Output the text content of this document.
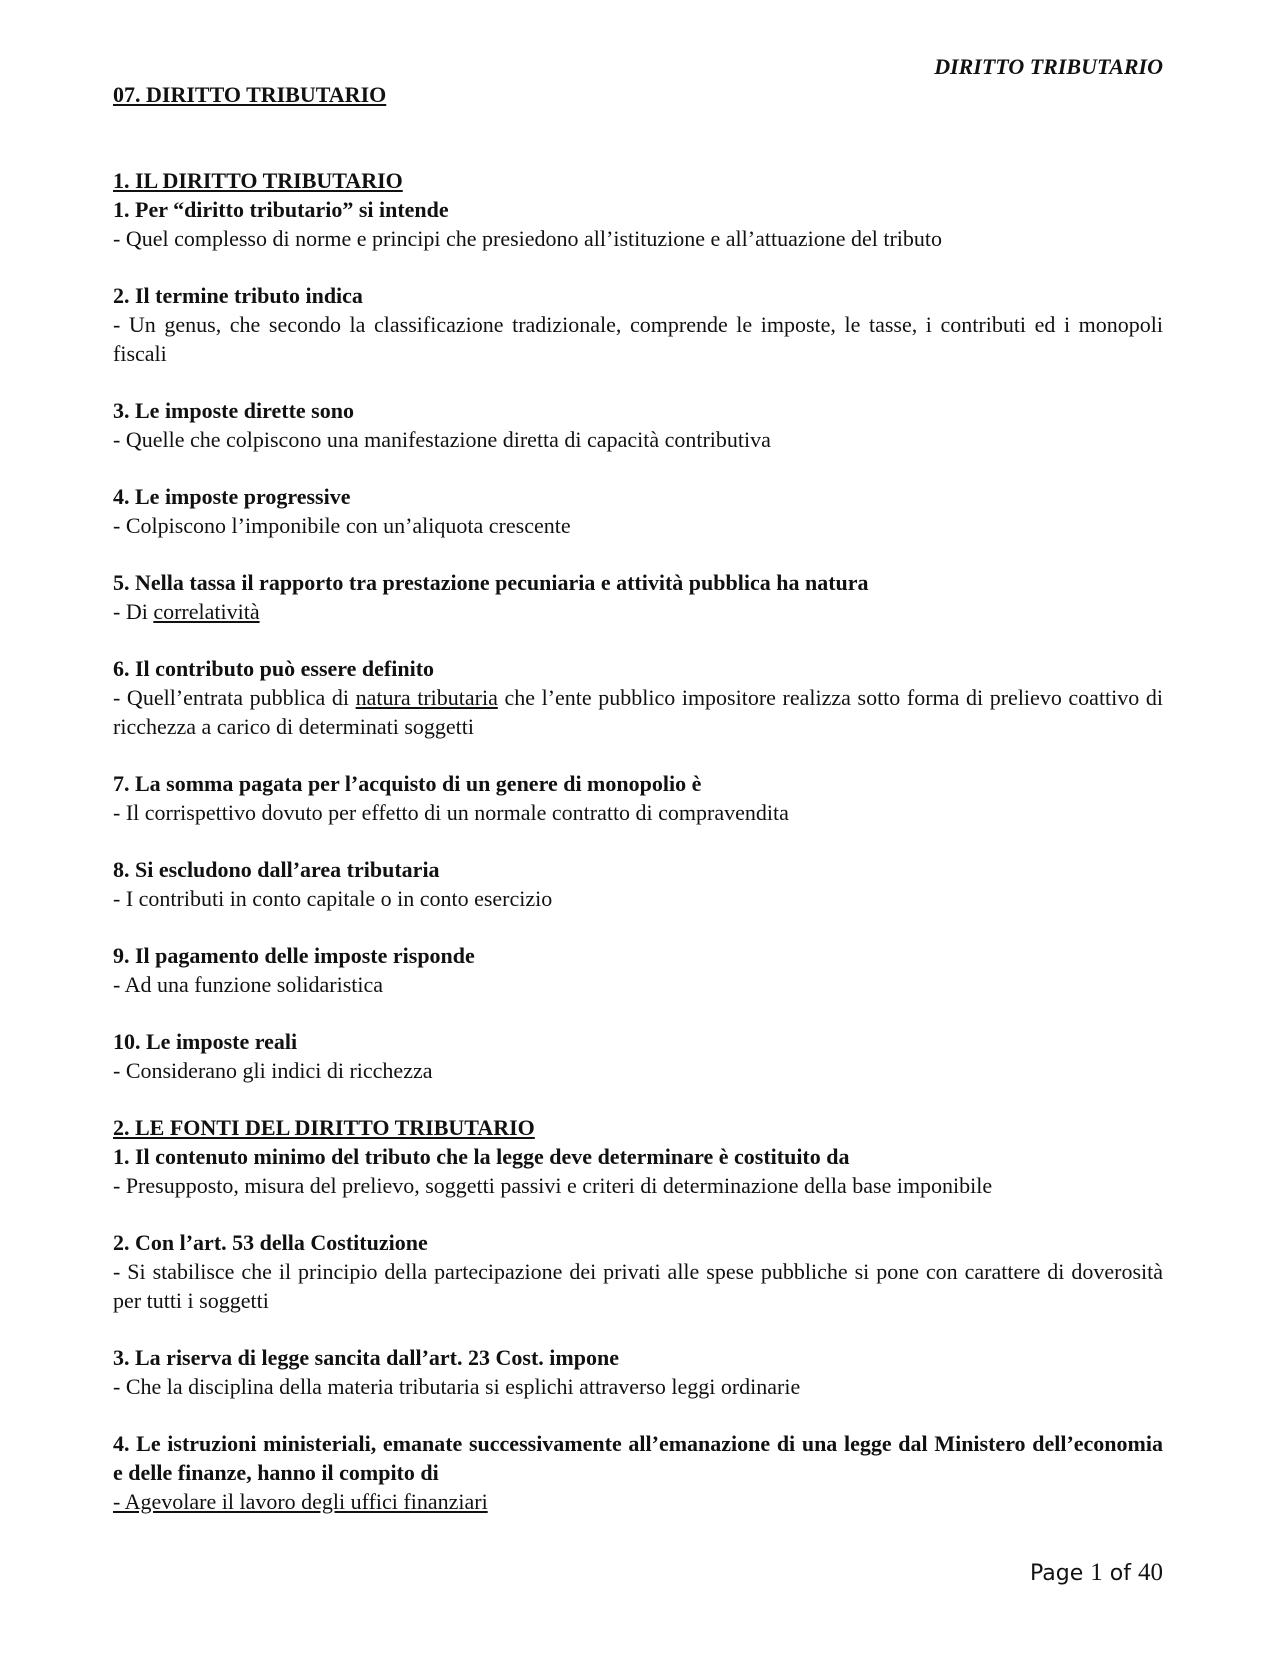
DIRITTO TRIBUTARIO
07. DIRITTO TRIBUTARIO
1. IL DIRITTO TRIBUTARIO

1. Per “diritto tributario” si intende

- Quel complesso di norme e principi che presiedono all’istituzione e all’attuazione del tributo

2. Il termine tributo indica

- Un genus, che secondo la classificazione tradizionale, comprende le imposte, le tasse, i contributi ed i monopoli fiscali

3. Le imposte dirette sono

- Quelle che colpiscono una manifestazione diretta di capacità contributiva

4. Le imposte progressive

- Colpiscono l’imponibile con un’aliquota crescente

5. Nella tassa il rapporto tra prestazione pecuniaria e attività pubblica ha natura

- Di correlatività

6. Il contributo può essere definito

- Quell’entrata pubblica di natura tributaria che l’ente pubblico impositore realizza sotto forma di prelievo coattivo di ricchezza a carico di determinati soggetti

7. La somma pagata per l’acquisto di un genere di monopolio è

- Il corrispettivo dovuto per effetto di un normale contratto di compravendita

8. Si escludono dall’area tributaria

- I contributi in conto capitale o in conto esercizio

9. Il pagamento delle imposte risponde

- Ad una funzione solidaristica

10. Le imposte reali

- Considerano gli indici di ricchezza

2. LE FONTI DEL DIRITTO TRIBUTARIO

1. Il contenuto minimo del tributo che la legge deve determinare è costituito da

- Presupposto, misura del prelievo, soggetti passivi e criteri di determinazione della base imponibile

2. Con l’art. 53 della Costituzione

- Si stabilisce che il principio della partecipazione dei privati alle spese pubbliche si pone con carattere di doverosità per tutti i soggetti

3. La riserva di legge sancita dall’art. 23 Cost. impone

- Che la disciplina della materia tributaria si esplichi attraverso leggi ordinarie

4. Le istruzioni ministeriali, emanate successivamente all’emanazione di una legge dal Ministero dell’economia e delle finanze, hanno il compito di

- Agevolare il lavoro degli uffici finanziari

Page 1 of 40
